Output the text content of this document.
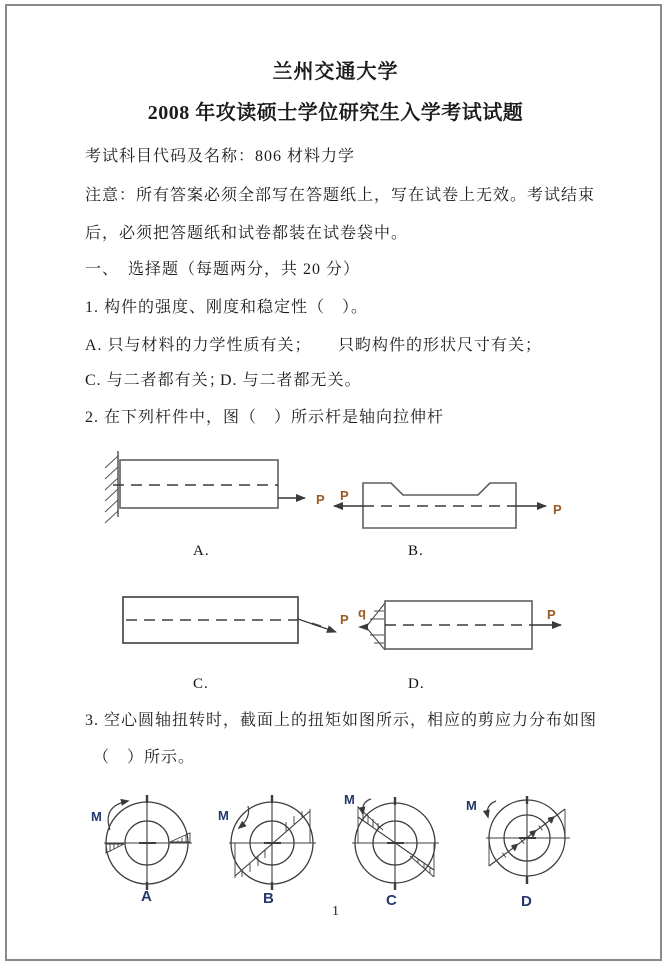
兰州交通大学
2008 年攻读硕士学位研究生入学考试试题
考试科目代码及名称：806 材料力学
注意：所有答案必须全部写在答题纸上，写在试卷上无效。考试结束
后，必须把答题纸和试卷都装在试卷袋中。
一、　选择题（每题两分，共 20 分）
1. 构件的强度、刚度和稳定性（　）。
A. 只与材料的力学性质有关； 只畇构件的形状尺寸有关；
C. 与二者都有关；
D. 与二者都无关。
2. 在下列杆件中，图（　）所示杆是轴向拉伸杆
P P
P
P q	P
A.	B.
C.	D.
3. 空心圆轴扭转时，截面上的扭矩如图所示，相应的剪应力分布如图
（　）所示。
M	M
M	M
A	B	C	D
1
